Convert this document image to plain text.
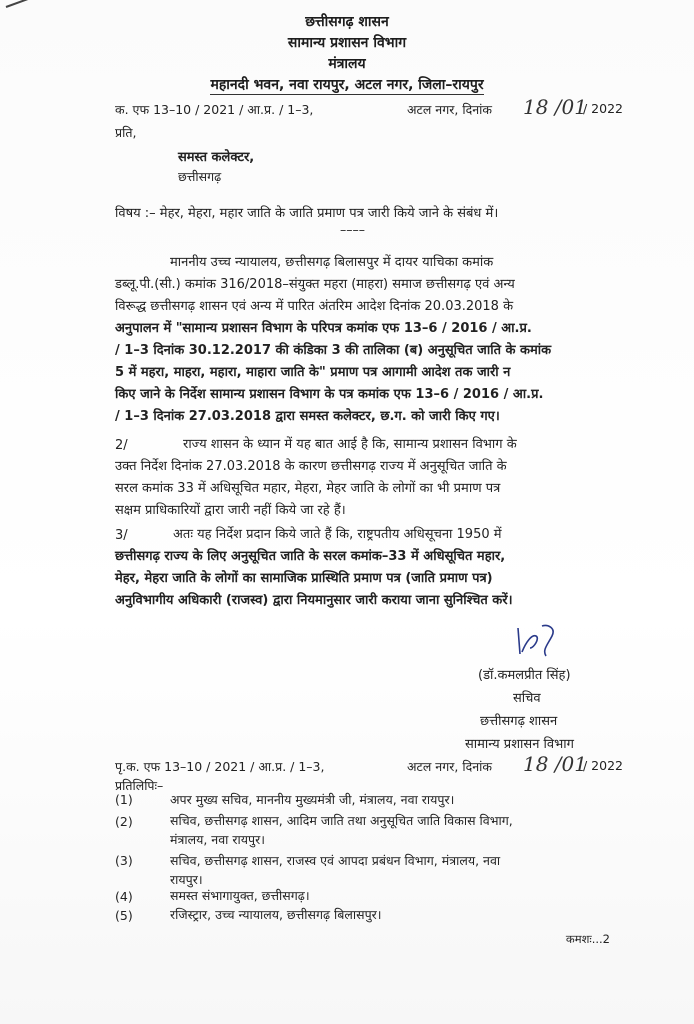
छत्तीसगढ़ शासन
सामान्य प्रशासन विभाग
मंत्रालय
महानदी भवन, नवा रायपुर, अटल नगर, जिला–रायपुर
क. एफ 13–10 / 2021 / आ.प्र. / 1–3,	अटल नगर, दिनांक 18 /01
/ 2022
प्रति,
समस्त कलेक्टर,
छत्तीसगढ़
विषय :– मेहर, मेहरा, महार जाति के जाति प्रमाण पत्र जारी किये जाने के संबंध में।
––––
माननीय उच्च न्यायालय, छत्तीसगढ़ बिलासपुर में दायर याचिका कमांक
डब्लू.पी.(सी.) कमांक 316/2018–संयुक्त महरा (माहरा) समाज छत्तीसगढ़ एवं अन्य
विरूद्ध छत्तीसगढ़ शासन एवं अन्य में पारित अंतरिम आदेश दिनांक 20.03.2018 के
अनुपालन में "सामान्य प्रशासन विभाग के परिपत्र कमांक एफ 13–6 / 2016 / आ.प्र.
/ 1–3 दिनांक 30.12.2017 की कंडिका 3 की तालिका (ब) अनुसूचित जाति के कमांक
5 में महरा, माहरा, महारा, माहारा जाति के" प्रमाण पत्र आगामी आदेश तक जारी न
किए जाने के निर्देश सामान्य प्रशासन विभाग के पत्र कमांक एफ 13–6 / 2016 / आ.प्र.
/ 1–3 दिनांक 27.03.2018 द्वारा समस्त कलेक्टर, छ.ग. को जारी किए गए।
2/	राज्य शासन के ध्यान में यह बात आई है कि, सामान्य प्रशासन विभाग के
उक्त निर्देश दिनांक 27.03.2018 के कारण छत्तीसगढ़ राज्य में अनुसूचित जाति के
सरल कमांक 33 में अधिसूचित महार, मेहरा, मेहर जाति के लोगों का भी प्रमाण पत्र
सक्षम प्राधिकारियों द्वारा जारी नहीं किये जा रहे हैं।
3/	अतः यह निर्देश प्रदान किये जाते हैं कि, राष्ट्रपतीय अधिसूचना 1950 में
छत्तीसगढ़ राज्य के लिए अनुसूचित जाति के सरल कमांक–33 में अधिसूचित महार,
मेहर, मेहरा जाति के लोगों का सामाजिक प्रास्थिति प्रमाण पत्र (जाति प्रमाण पत्र)
अनुविभागीय अधिकारी (राजस्व) द्वारा नियमानुसार जारी कराया जाना सुनिश्चित करें।
(डॉ.कमलप्रीत सिंह)
सचिव
छत्तीसगढ़ शासन
सामान्य प्रशासन विभाग
पृ.क. एफ 13–10 / 2021 / आ.प्र. / 1–3,	अटल नगर, दिनांक 18 /01
/ 2022
प्रतिलिपिः–
(1)	अपर मुख्य सचिव, माननीय मुख्यमंत्री जी, मंत्रालय, नवा रायपुर।
(2)	सचिव, छत्तीसगढ़ शासन, आदिम जाति तथा अनुसूचित जाति विकास विभाग,
मंत्रालय, नवा रायपुर।
(3)	सचिव, छत्तीसगढ़ शासन, राजस्व एवं आपदा प्रबंधन विभाग, मंत्रालय, नवा
रायपुर।
(4)	समस्त संभागायुक्त, छत्तीसगढ़।
(5)	रजिस्ट्रार, उच्च न्यायालय, छत्तीसगढ़ बिलासपुर।
कमशः...2
